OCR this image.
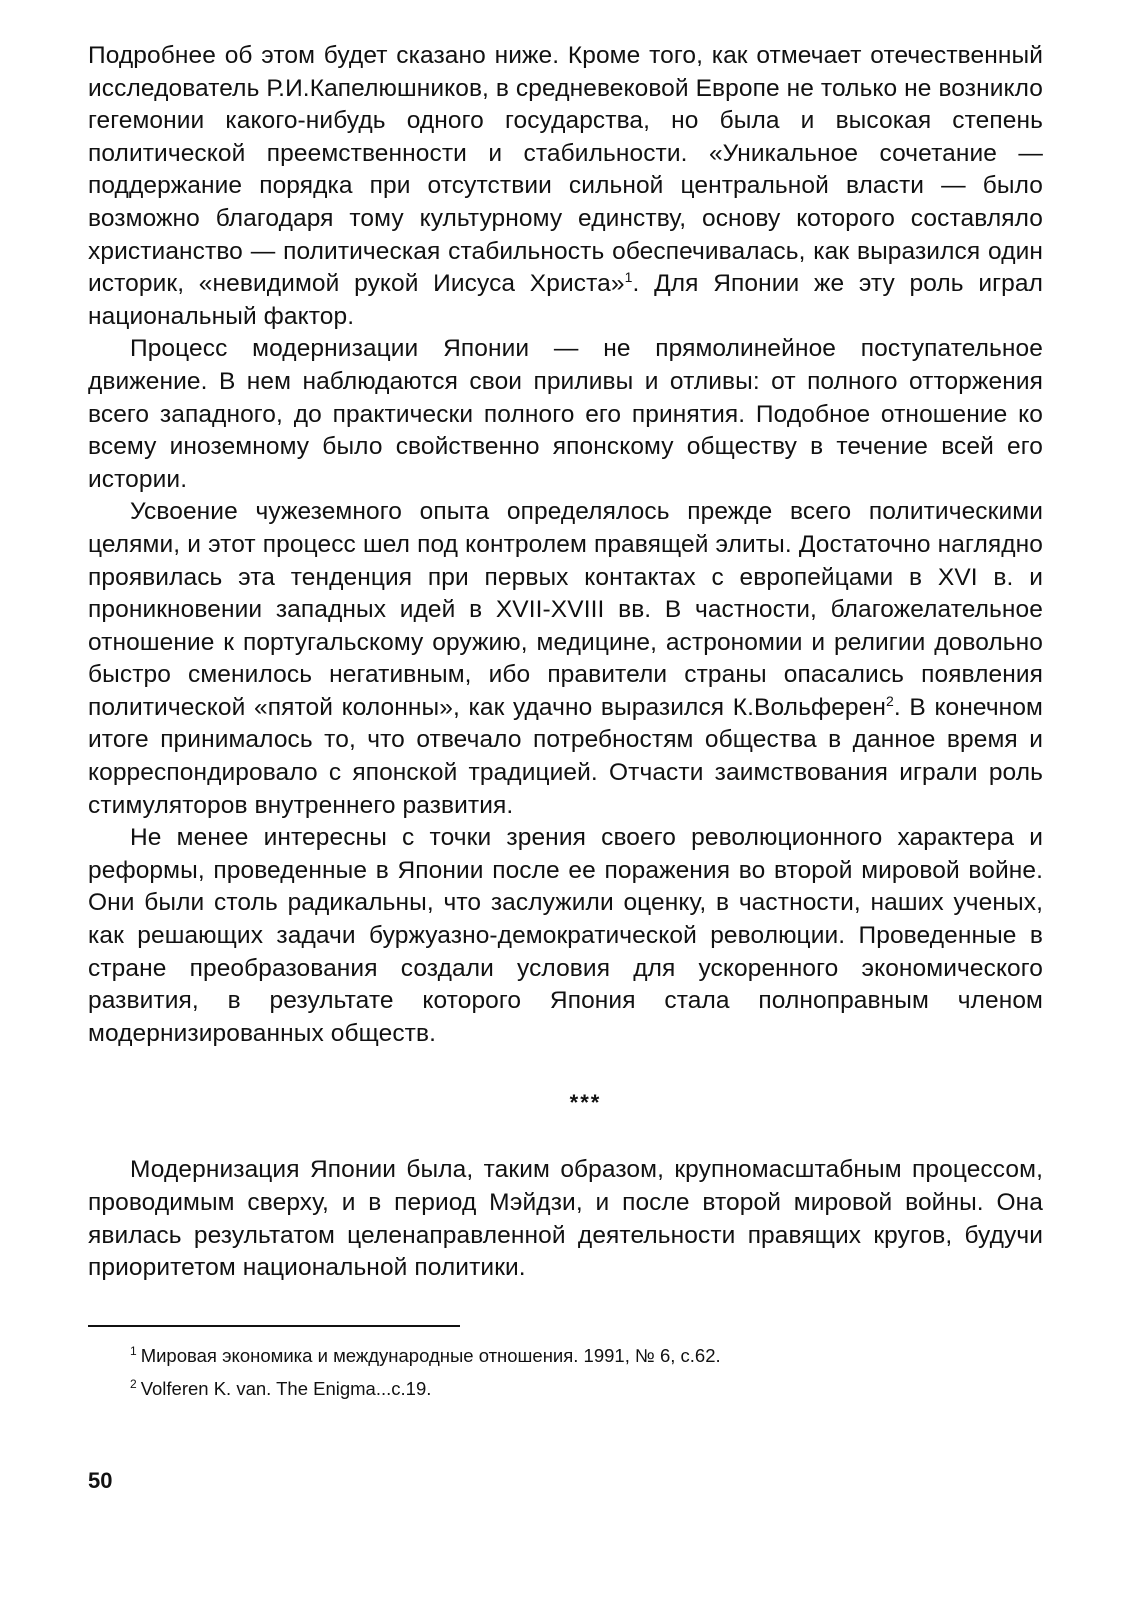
Подробнее об этом будет сказано ниже. Кроме того, как отмечает отечественный исследователь Р.И.Капелюшников, в средневековой Европе не только не возникло гегемонии какого-нибудь одного государства, но была и высокая степень политической преемственности и стабильности. «Уникальное сочетание — поддержание порядка при отсутствии сильной центральной власти — было возможно благодаря тому культурному единству, основу которого составляло христианство — политическая стабильность обеспечивалась, как выразился один историк, «невидимой рукой Иисуса Христа»$^1$. Для Японии же эту роль играл национальный фактор.

Процесс модернизации Японии — не прямолинейное поступательное движение. В нем наблюдаются свои приливы и отливы: от полного отторжения всего западного, до практически полного его принятия. Подобное отношение ко всему иноземному было свойственно японскому обществу в течение всей его истории.

Усвоение чужеземного опыта определялось прежде всего политическими целями, и этот процесс шел под контролем правящей элиты. Достаточно наглядно проявилась эта тенденция при первых контактах с европейцами в XVI в. и проникновении западных идей в XVII-XVIII вв. В частности, благожелательное отношение к португальскому оружию, медицине, астрономии и религии довольно быстро сменилось негативным, ибо правители страны опасались появления политической «пятой колонны», как удачно выразился К.Вольферен$^2$. В конечном итоге принималось то, что отвечало потребностям общества в данное время и корреспондировало с японской традицией. Отчасти заимствования играли роль стимуляторов внутреннего развития.

Не менее интересны с точки зрения своего революционного характера и реформы, проведенные в Японии после ее поражения во второй мировой войне. Они были столь радикальны, что заслужили оценку, в частности, наших ученых, как решающих задачи буржуазно-демократической революции. Проведенные в стране преобразования создали условия для ускоренного экономического развития, в результате которого Япония стала полноправным членом модернизированных обществ.

***

Модернизация Японии была, таким образом, крупномасштабным процессом, проводимым сверху, и в период Мэйдзи, и после второй мировой войны. Она явилась результатом целенаправленной деятельности правящих кругов, будучи приоритетом национальной политики.

$^1$ Мировая экономика и международные отношения. 1991, № 6, с.62.

$^2$ Volferen K. van. The Enigma...c.19.

50
